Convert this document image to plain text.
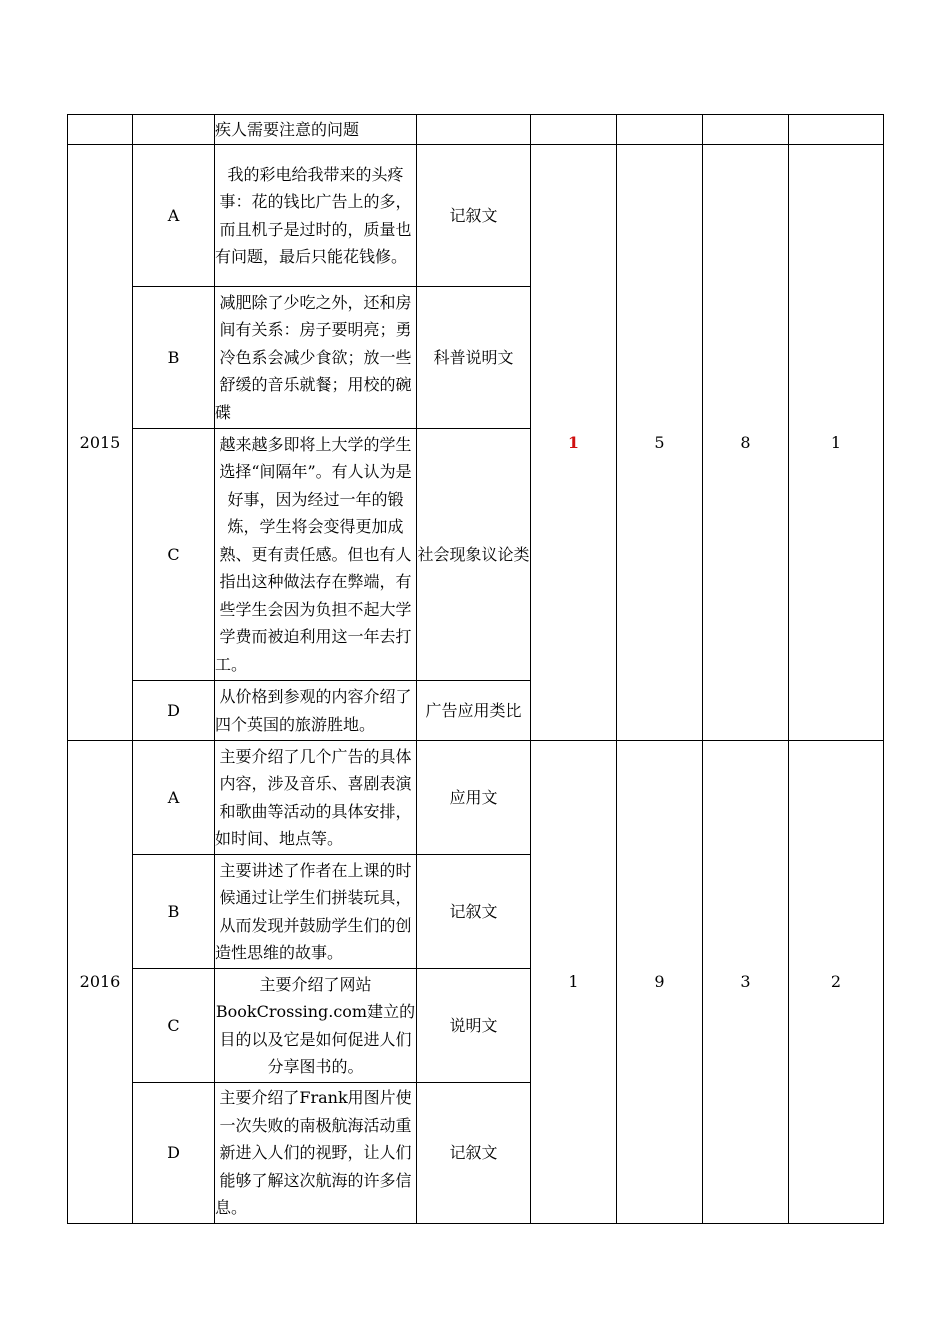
		疾人需要注意的问题					
2015	A	我的彩电给我带来的头疼事：花的钱比广告上的多，而且机子是过时的，质量也有问题，最后只能花钱修。	记叙文	1	5	8	1
	B	减肥除了少吃之外，还和房间有关系：房子要明亮；勇冷色系会减少食欲；放一些舒缓的音乐就餐；用校的碗碟	科普说明文				
	C	越来越多即将上大学的学生选择“间隔年”。有人认为是好事，因为经过一年的锻炼，学生将会变得更加成熟、更有责任感。但也有人指出这种做法存在弊端，有些学生会因为负担不起大学学费而被迫利用这一年去打工。	社会现象议论类				
	D	从价格到参观的内容介绍了四个英国的旅游胜地。	广告应用类比				
2016	A	主要介绍了几个广告的具体内容，涉及音乐、喜剧表演和歌曲等活动的具体安排，如时间、地点等。	应用文	1	9	3	2
	B	主要讲述了作者在上课的时候通过让学生们拼装玩具，从而发现并鼓励学生们的创造性思维的故事。	记叙文				
	C	主要介绍了网站BookCrossing.com建立的目的以及它是如何促进人们分享图书的。	说明文				
	D	主要介绍了Frank用图片使一次失败的南极航海活动重新进入人们的视野，让人们能够了解这次航海的许多信息。	记叙文				
